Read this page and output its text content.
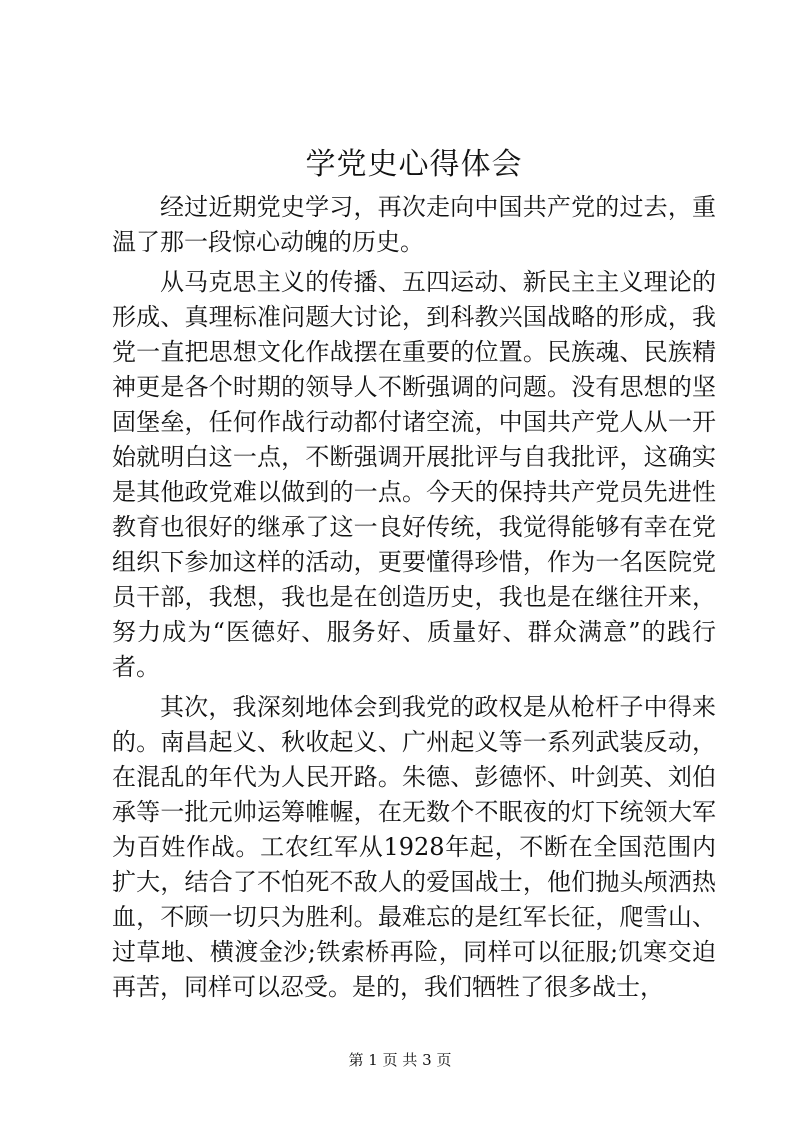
学党史心得体会

经过近期党史学习，再次走向中国共产党的过去，重温了那一段惊心动魄的历史。

从马克思主义的传播、五四运动、新民主主义理论的形成、真理标准问题大讨论，到科教兴国战略的形成，我党一直把思想文化作战摆在重要的位置。民族魂、民族精神更是各个时期的领导人不断强调的问题。没有思想的坚固堡垒，任何作战行动都付诸空流，中国共产党人从一开始就明白这一点，不断强调开展批评与自我批评，这确实是其他政党难以做到的一点。今天的保持共产党员先进性教育也很好的继承了这一良好传统，我觉得能够有幸在党组织下参加这样的活动，更要懂得珍惜，作为一名医院党员干部，我想，我也是在创造历史，我也是在继往开来，努力成为“医德好、服务好、质量好、群众满意”的践行者。

其次，我深刻地体会到我党的政权是从枪杆子中得来的。南昌起义、秋收起义、广州起义等一系列武装反动，在混乱的年代为人民开路。朱德、彭德怀、叶剑英、刘伯承等一批元帅运筹帷幄，在无数个不眠夜的灯下统领大军为百姓作战。工农红军从1928年起，不断在全国范围内扩大，结合了不怕死不敌人的爱国战士，他们抛头颅洒热血，不顾一切只为胜利。最难忘的是红军长征，爬雪山、过草地、横渡金沙;铁索桥再险，同样可以征服;饥寒交迫再苦，同样可以忍受。是的，我们牺牲了很多战士，

第 1 页 共 3 页
